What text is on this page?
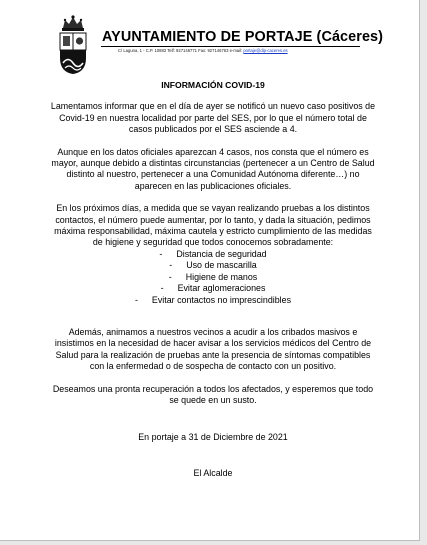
AYUNTAMIENTO DE PORTAJE (Cáceres)
C/ Laguna, 1 - C.P. 10883 Telf: 927146771 Fax: 927146763 e-mail: portaje@dip-caceres.es

INFORMACIÓN COVID-19

Lamentamos informar que en el día de ayer se notificó un nuevo caso positivos de Covid-19 en nuestra localidad por parte del SES, por lo que el número total de casos publicados por el SES asciende a 4.

Aunque en los datos oficiales aparezcan 4 casos, nos consta que el número es mayor, aunque debido a distintas circunstancias (pertenecer a un Centro de Salud distinto al nuestro, pertenecer a una Comunidad Autónoma diferente…) no aparecen en las publicaciones oficiales.

En los próximos días, a medida que se vayan realizando pruebas a los distintos contactos, el número puede aumentar, por lo tanto, y dada la situación, pedimos máxima responsabilidad, máxima cautela y estricto cumplimiento de las medidas de higiene y seguridad que todos conocemos sobradamente:

- Distancia de seguridad
- Uso de mascarilla
- Higiene de manos
- Evitar aglomeraciones
- Evitar contactos no imprescindibles

Además, animamos a nuestros vecinos a acudir a los cribados masivos e insistimos en la necesidad de hacer avisar a los servicios médicos del Centro de Salud para la realización de pruebas ante la presencia de síntomas compatibles con la enfermedad o de sospecha de contacto con un positivo.

Deseamos una pronta recuperación a todos los afectados, y esperemos que todo se quede en un susto.

En portaje a 31 de Diciembre de 2021

El Alcalde
